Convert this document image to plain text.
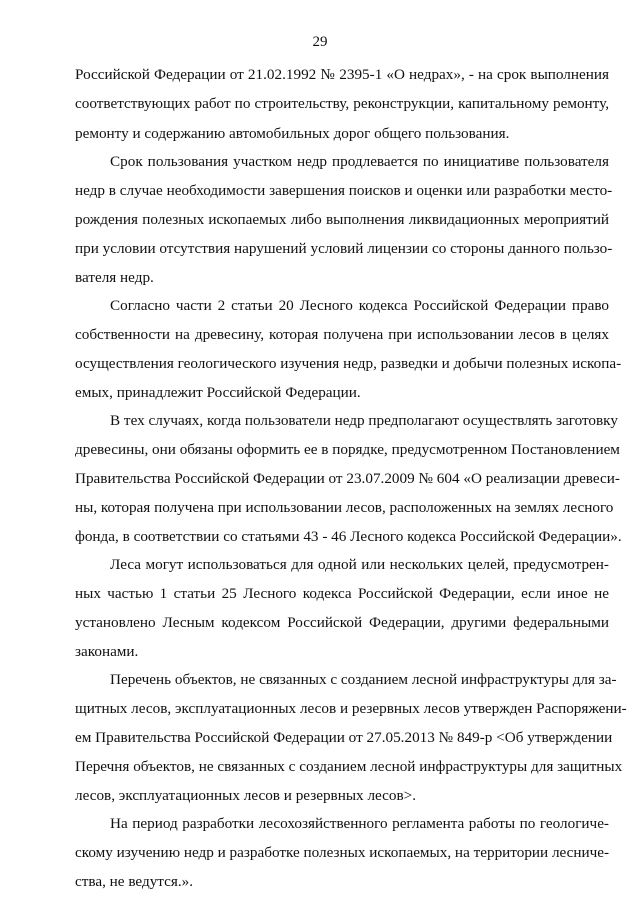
29
Российской Федерации от 21.02.1992 № 2395-1 «О недрах», - на срок выполнения
соответствующих работ по строительству, реконструкции, капитальному ремонту,
ремонту и содержанию автомобильных дорог общего пользования.
Срок пользования участком недр продлевается по инициативе пользователя
недр в случае необходимости завершения поисков и оценки или разработки место-
рождения полезных ископаемых либо выполнения ликвидационных мероприятий
при условии отсутствия нарушений условий лицензии со стороны данного пользо-
вателя недр.
Согласно части 2 статьи 20 Лесного кодекса Российской Федерации право
собственности на древесину, которая получена при использовании лесов в целях
осуществления геологического изучения недр, разведки и добычи полезных ископа-
емых, принадлежит Российской Федерации.
В тех случаях, когда пользователи недр предполагают осуществлять заготовку
древесины, они обязаны оформить ее в порядке, предусмотренном Постановлением
Правительства Российской Федерации от 23.07.2009 № 604 «О реализации древеси-
ны, которая получена при использовании лесов, расположенных на землях лесного
фонда, в соответствии со статьями 43 - 46 Лесного кодекса Российской Федерации».
Леса могут использоваться для одной или нескольких целей, предусмотрен-
ных частью 1 статьи 25 Лесного кодекса Российской Федерации, если иное не
установлено Лесным кодексом Российской Федерации, другими федеральными
законами.
Перечень объектов, не связанных с созданием лесной инфраструктуры для за-
щитных лесов, эксплуатационных лесов и резервных лесов утвержден Распоряжени-
ем Правительства Российской Федерации от 27.05.2013 № 849-р <Об утверждении
Перечня объектов, не связанных с созданием лесной инфраструктуры для защитных
лесов, эксплуатационных лесов и резервных лесов>.
На период разработки лесохозяйственного регламента работы по геологиче-
скому изучению недр и разработке полезных ископаемых, на территории лесниче-
ства, не ведутся.».
